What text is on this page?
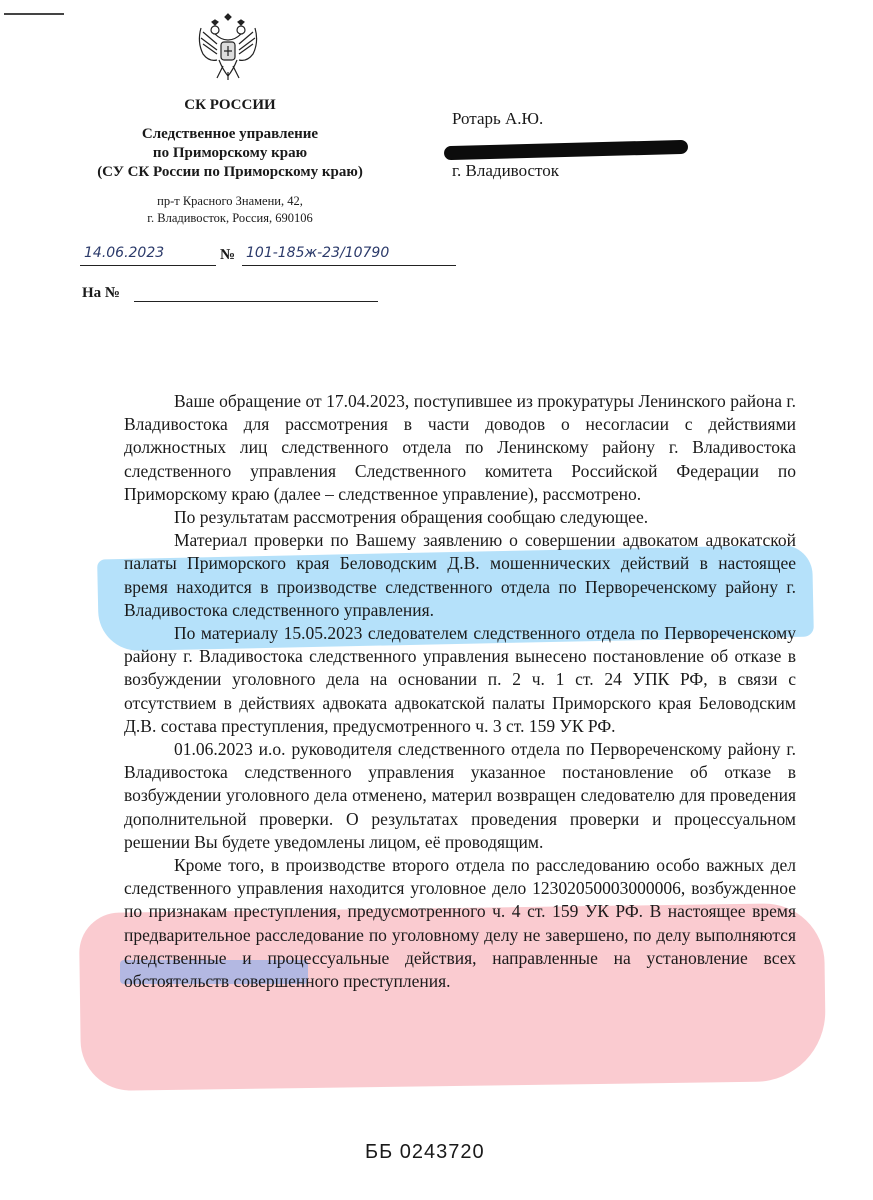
СК РОССИИ
Следственное управление
по Приморскому краю
(СУ СК России по Приморскому краю)
пр-т Красного Знамени, 42,
г. Владивосток, Россия, 690106
14.06.2023	№ 101-185ж-23/10790
На №
Ротарь А.Ю.
г. Владивосток

Ваше обращение от 17.04.2023, поступившее из прокуратуры Ленинского района г. Владивостока для рассмотрения в части доводов о несогласии с действиями должностных лиц следственного отдела по Ленинскому району г. Владивостока следственного управления Следственного комитета Российской Федерации по Приморскому краю (далее – следственное управление), рассмотрено.

По результатам рассмотрения обращения сообщаю следующее.

Материал проверки по Вашему заявлению о совершении адвокатом адвокатской палаты Приморского края Беловодским Д.В. мошеннических действий в настоящее время находится в производстве следственного отдела по Первореченскому району г. Владивостока следственного управления.

По материалу 15.05.2023 следователем следственного отдела по Первореченскому району г. Владивостока следственного управления вынесено постановление об отказе в возбуждении уголовного дела на основании п. 2 ч. 1 ст. 24 УПК РФ, в связи с отсутствием в действиях адвоката адвокатской палаты Приморского края Беловодским Д.В. состава преступления, предусмотренного ч. 3 ст. 159 УК РФ.

01.06.2023 и.о. руководителя следственного отдела по Первореченскому району г. Владивостока следственного управления указанное постановление об отказе в возбуждении уголовного дела отменено, материл возвращен следователю для проведения дополнительной проверки. О результатах проведения проверки и процессуальном решении Вы будете уведомлены лицом, её проводящим.

Кроме того, в производстве второго отдела по расследованию особо важных дел следственного управления находится уголовное дело 12302050003000006, возбужденное по признакам преступления, предусмотренного ч. 4 ст. 159 УК РФ. В настоящее время предварительное расследование по уголовному делу не завершено, по делу выполняются следственные и процессуальные действия, направленные на установление всех обстоятельств совершенного преступления.

ББ 0243720
